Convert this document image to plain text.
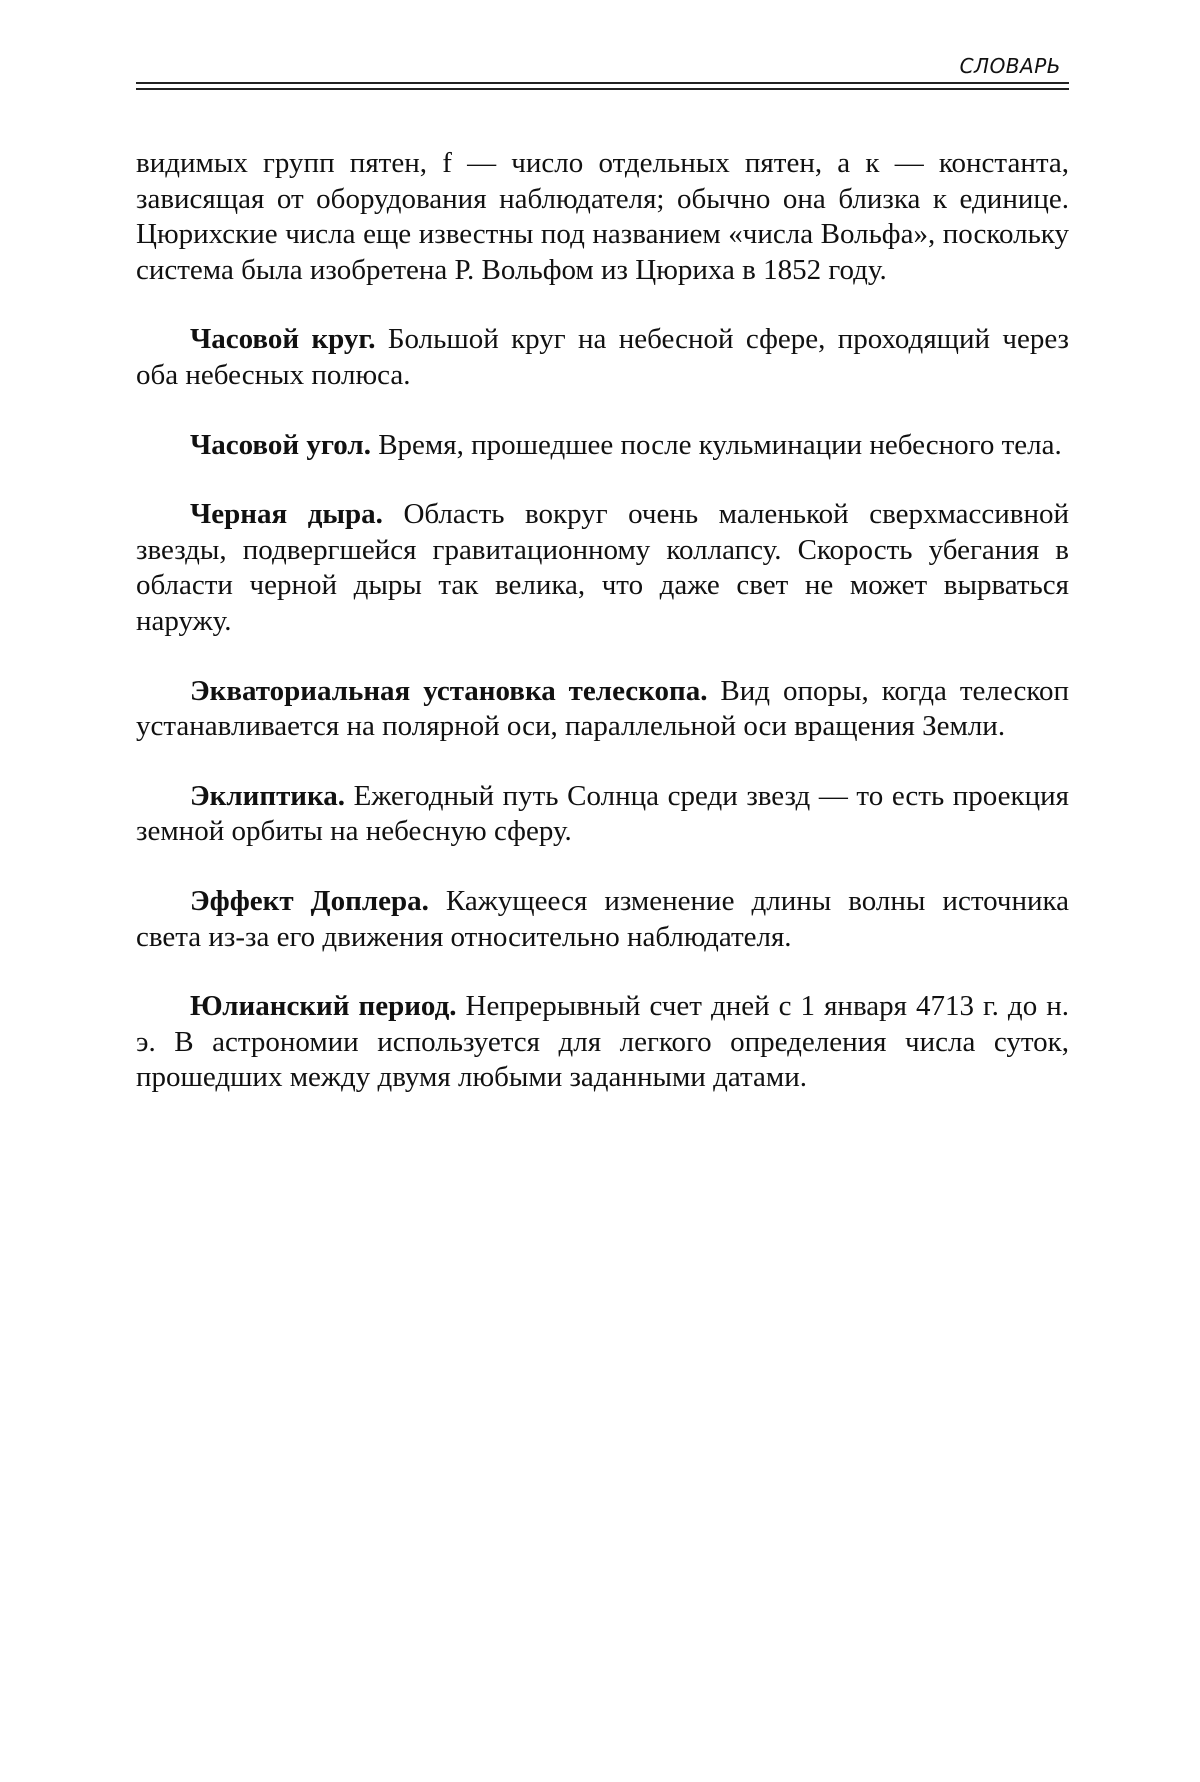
СЛОВАРЬ

видимых групп пятен, f — число отдельных пятен, а к — константа, зависящая от оборудования наблюдателя; обычно она близка к единице. Цюрихские числа еще известны под названием «числа Вольфа», поскольку система была изобретена Р. Вольфом из Цюриха в 1852 году.

Часовой круг. Большой круг на небесной сфере, проходящий через оба небесных полюса.

Часовой угол. Время, прошедшее после кульминации небесного тела.

Черная дыра. Область вокруг очень маленькой сверхмассивной звезды, подвергшейся гравитационному коллапсу. Скорость убегания в области черной дыры так велика, что даже свет не может вырваться наружу.

Экваториальная установка телескопа. Вид опоры, когда телескоп устанавливается на полярной оси, параллельной оси вращения Земли.

Эклиптика. Ежегодный путь Солнца среди звезд — то есть проекция земной орбиты на небесную сферу.

Эффект Доплера. Кажущееся изменение длины волны источника света из-за его движения относительно наблюдателя.

Юлианский период. Непрерывный счет дней с 1 января 4713 г. до н. э. В астрономии используется для легкого определения числа суток, прошедших между двумя любыми заданными датами.
